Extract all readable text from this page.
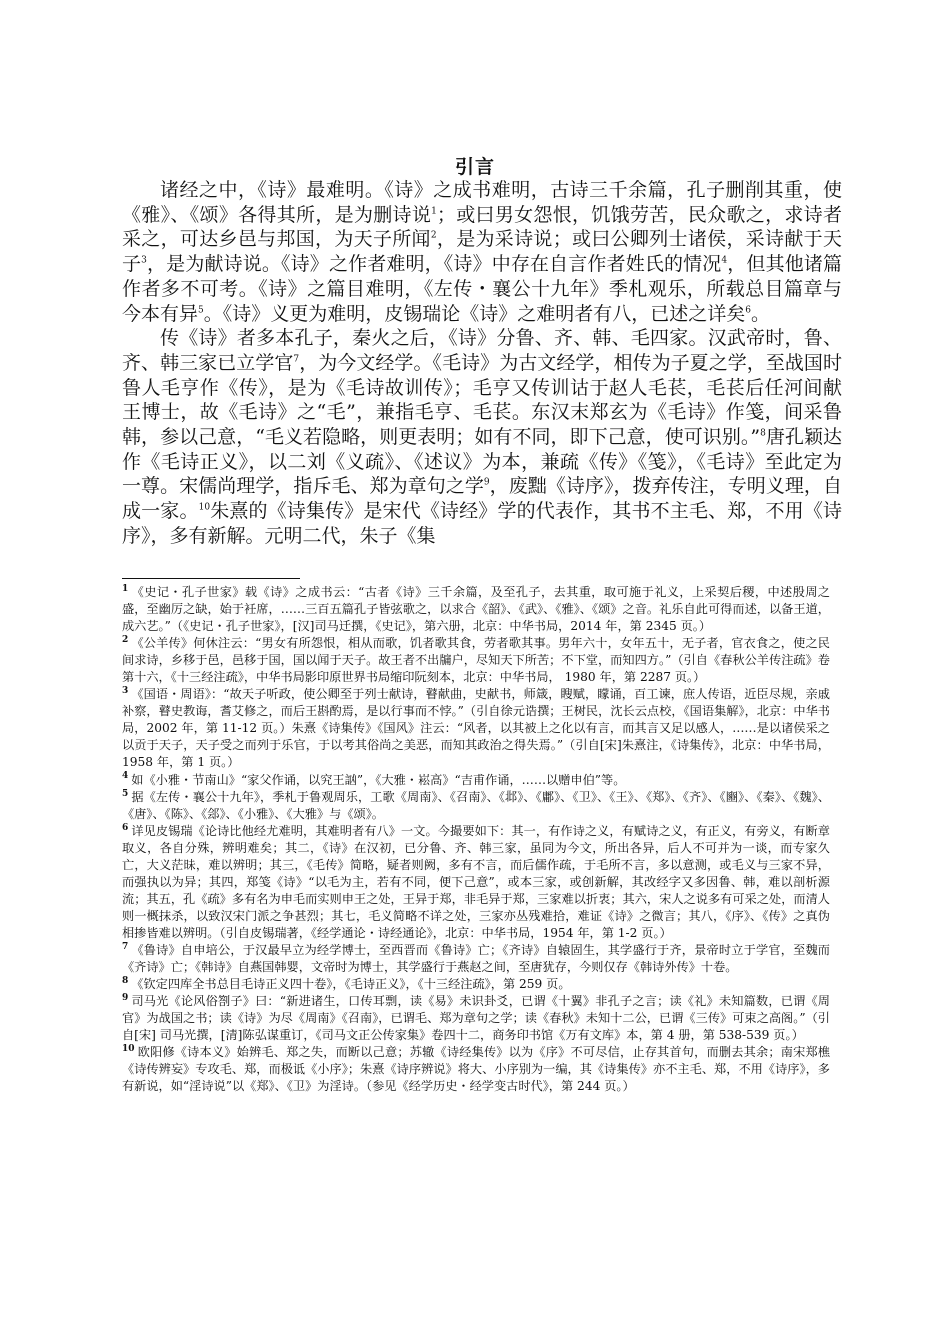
引言

诸经之中，《诗》最难明。《诗》之成书难明，古诗三千余篇，孔子删削其重，使《雅》、《颂》各得其所，是为删诗说$^1$；或曰男女怨恨，饥饿劳苦，民众歌之，求诗者采之，可达乡邑与邦国，为天子所闻$^2$，是为采诗说；或曰公卿列士诸侯，采诗献于天子$^3$，是为献诗说。《诗》之作者难明，《诗》中存在自言作者姓氏的情况$^4$，但其他诸篇作者多不可考。《诗》之篇目难明，《左传・襄公十九年》季札观乐，所载总目篇章与今本有异$^5$。《诗》义更为难明，皮锡瑞论《诗》之难明者有八，已述之详矣$^6$。

传《诗》者多本孔子，秦火之后，《诗》分鲁、齐、韩、毛四家。汉武帝时，鲁、齐、韩三家已立学官$^7$，为今文经学。《毛诗》为古文经学，相传为子夏之学，至战国时鲁人毛亨作《传》，是为《毛诗故训传》；毛亨又传训诂于赵人毛苌，毛苌后任河间献王博士，故《毛诗》之“毛”，兼指毛亨、毛苌。东汉末郑玄为《毛诗》作笺，间采鲁韩，参以己意，“毛义若隐略，则更表明；如有不同，即下己意，使可识别。”$^8$唐孔颖达作《毛诗正义》，以二刘《义疏》、《述议》为本，兼疏《传》《笺》，《毛诗》至此定为一尊。宋儒尚理学，指斥毛、郑为章句之学$^9$，废黜《诗序》，拨弃传注，专明义理，自成一家。$^{10}$朱熹的《诗集传》是宋代《诗经》学的代表作，其书不主毛、郑，不用《诗序》，多有新解。元明二代，朱子《集

$^1$ 《史记・孔子世家》载《诗》之成书云：“古者《诗》三千余篇，及至孔子，去其重，取可施于礼义，上采契后稷，中述殷周之盛，至幽厉之缺，始于衽席，……三百五篇孔子皆弦歌之，以求合《韶》、《武》、《雅》、《颂》之音。礼乐自此可得而述，以备王道，成六艺。”（《史记・孔子世家》，[汉]司马迁撰，《史记》，第六册，北京：中华书局，2014 年，第 2345 页。）
$^2$ 《公羊传》何休注云：“男女有所怨恨，相从而歌，饥者歌其食，劳者歌其事。男年六十，女年五十，无子者，官衣食之，使之民间求诗，乡移于邑，邑移于国，国以闻于天子。故王者不出牖户，尽知天下所苦；不下堂，而知四方。”（引自《春秋公羊传注疏》卷第十六，《十三经注疏》，中华书局影印原世界书局缩印阮刻本，北京：中华书局， 1980 年，第 2287 页。）
$^3$ 《国语・周语》：“故天子听政，使公卿至于列士献诗，瞽献曲，史献书，师箴，瞍赋，矇诵，百工谏，庶人传语，近臣尽规，亲戚补察，瞽史教诲，耆艾修之，而后王斟酌焉，是以行事而不悖。”（引自徐元诰撰；王树民，沈长云点校，《国语集解》，北京：中华书局，2002 年，第 11-12 页。）朱熹《诗集传》《国风》注云：“风者，以其被上之化以有言，而其言又足以感人，……是以诸侯采之以贡于天子，天子受之而列于乐官，于以考其俗尚之美恶，而知其政治之得失焉。”（引自[宋]朱熹注，《诗集传》，北京：中华书局，1958 年，第 1 页。）
$^4$ 如《小雅・节南山》“家父作诵，以究王訩”，《大雅・崧高》“吉甫作诵，……以赠申伯”等。
$^5$ 据《左传・襄公十九年》，季札于鲁观周乐，工歌《周南》、《召南》、《邶》、《鄘》、《卫》、《王》、《郑》、《齐》、《豳》、《秦》、《魏》、《唐》、《陈》、《郐》、《小雅》、《大雅》与《颂》。
$^6$ 详见皮锡瑞《论诗比他经尤难明，其难明者有八》一文。今撮要如下：其一，有作诗之义，有赋诗之义，有正义，有旁义，有断章取义，各自分殊，辨明难矣；其二，《诗》在汉初，已分鲁、齐、韩三家，虽同为今文，所出各异，后人不可并为一谈，而专家久亡，大义茫昧，难以辨明；其三，《毛传》简略，疑者则阙，多有不言，而后儒作疏，于毛所不言，多以意测，或毛义与三家不异，而强执以为异；其四，郑笺《诗》“以毛为主，若有不同，便下己意”，或本三家，或创新解，其改经字又多因鲁、韩，难以剖析源流；其五，孔《疏》多有名为申毛而实则申王之处，王异于郑，非毛异于郑，三家难以折衷；其六，宋人之说多有可采之处，而清人则一概抹杀，以致汉宋门派之争甚烈；其七，毛义简略不详之处，三家亦丛残难拾，难证《诗》之微言；其八，《序》、《传》之真伪相掺皆难以辨明。（引自皮锡瑞著，《经学通论・诗经通论》，北京：中华书局，1954 年，第 1-2 页。）
$^7$ 《鲁诗》自申培公，于汉最早立为经学博士，至西晋而《鲁诗》亡；《齐诗》自辕固生，其学盛行于齐，景帝时立于学官，至魏而《齐诗》亡；《韩诗》自燕国韩婴，文帝时为博士，其学盛行于燕赵之间，至唐犹存，今则仅存《韩诗外传》十卷。
$^8$ 《钦定四库全书总目毛诗正义四十卷》，《毛诗正义》，《十三经注疏》，第 259 页。
$^9$ 司马光《论风俗劄子》曰：“新进诸生，口传耳剽，读《易》未识卦爻，已谓《十翼》非孔子之言；读《礼》未知篇数，已谓《周官》为战国之书；读《诗》为尽《周南》《召南》，已谓毛、郑为章句之学；读《春秋》未知十二公，已谓《三传》可束之高阁。”（引自[宋] 司马光撰，[清]陈弘谋重订，《司马文正公传家集》卷四十二，商务印书馆《万有文库》本，第 4 册，第 538-539 页。）
$^{10}$ 欧阳修《诗本义》始辨毛、郑之失，而断以己意；苏辙《诗经集传》以为《序》不可尽信，止存其首句，而删去其余；南宋郑樵《诗传辨妄》专攻毛、郑，而极诋《小序》；朱熹《诗序辨说》将大、小序别为一编，其《诗集传》亦不主毛、郑，不用《诗序》，多有新说，如“淫诗说”以《郑》、《卫》为淫诗。（参见《经学历史・经学变古时代》，第 244 页。）
